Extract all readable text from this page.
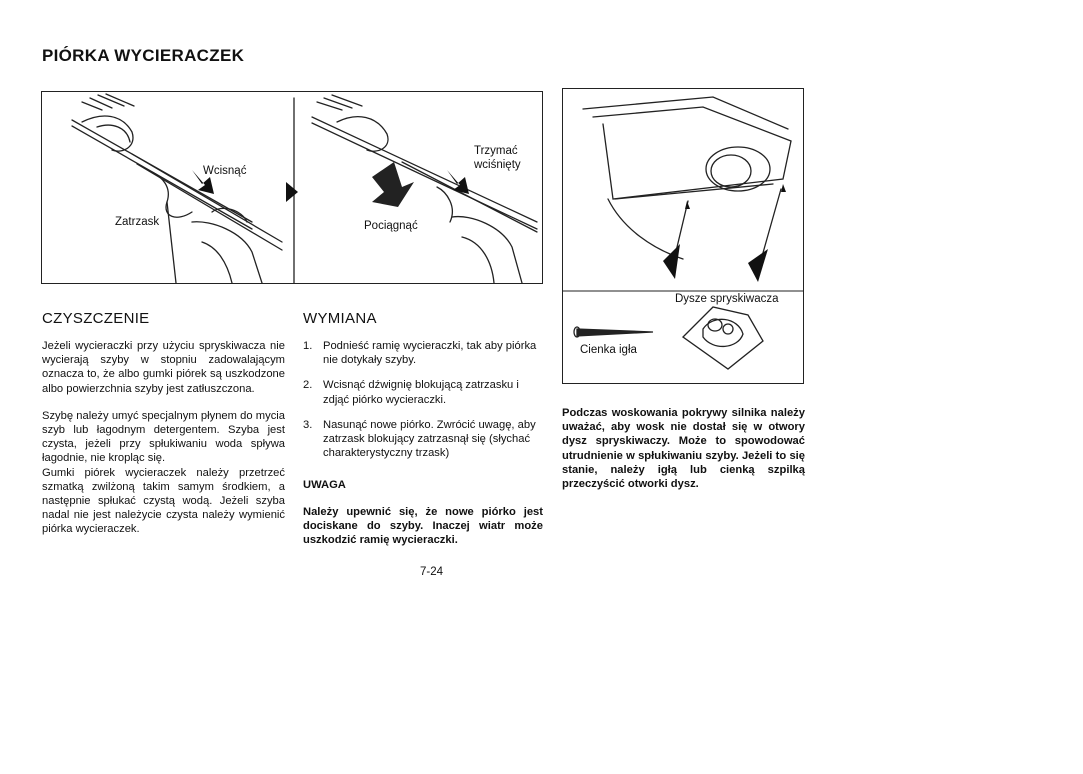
PIÓRKA WYCIERACZEK
Wcisnąć
Zatrzask
Trzymać
wciśnięty
Pociągnąć
Dysze spryskiwacza
Cienka igła
CZYSZCZENIE

Jeżeli wycieraczki przy użyciu spryskiwacza nie wycierają szyby w stopniu zadowalającym oznacza to, że albo gumki piórek są uszkodzone albo powierzchnia szyby jest zatłuszczona.

Szybę należy umyć specjalnym płynem do mycia szyb lub łagodnym detergentem. Szyba jest czysta, jeżeli przy spłukiwaniu woda spływa łagodnie, nie kropląc się.

Gumki piórek wycieraczek należy przetrzeć szmatką zwilżoną takim samym środkiem, a następnie spłukać czystą wodą. Jeżeli szyba nadal nie jest należycie czysta należy wymienić piórka wycieraczek.

WYMIANA
1. Podnieść ramię wycieraczki, tak aby piórka nie dotykały szyby.
2. Wcisnąć dźwignię blokującą zatrzasku i zdjąć piórko wycieraczki.
3. Nasunąć nowe piórko. Zwrócić uwagę, aby zatrzask blokujący zatrzasnął się (słychać charakterystyczny trzask)
UWAGA
Należy upewnić się, że nowe piórko jest dociskane do szyby. Inaczej wiatr może uszkodzić ramię wycieraczki.
Podczas woskowania pokrywy silnika należy uważać, aby wosk nie dostał się w otwory dysz spryskiwaczy. Może to spowodować utrudnienie w spłukiwaniu szyby. Jeżeli to się stanie, należy igłą lub cienką szpilką przeczyścić otworki dysz.
7-24
